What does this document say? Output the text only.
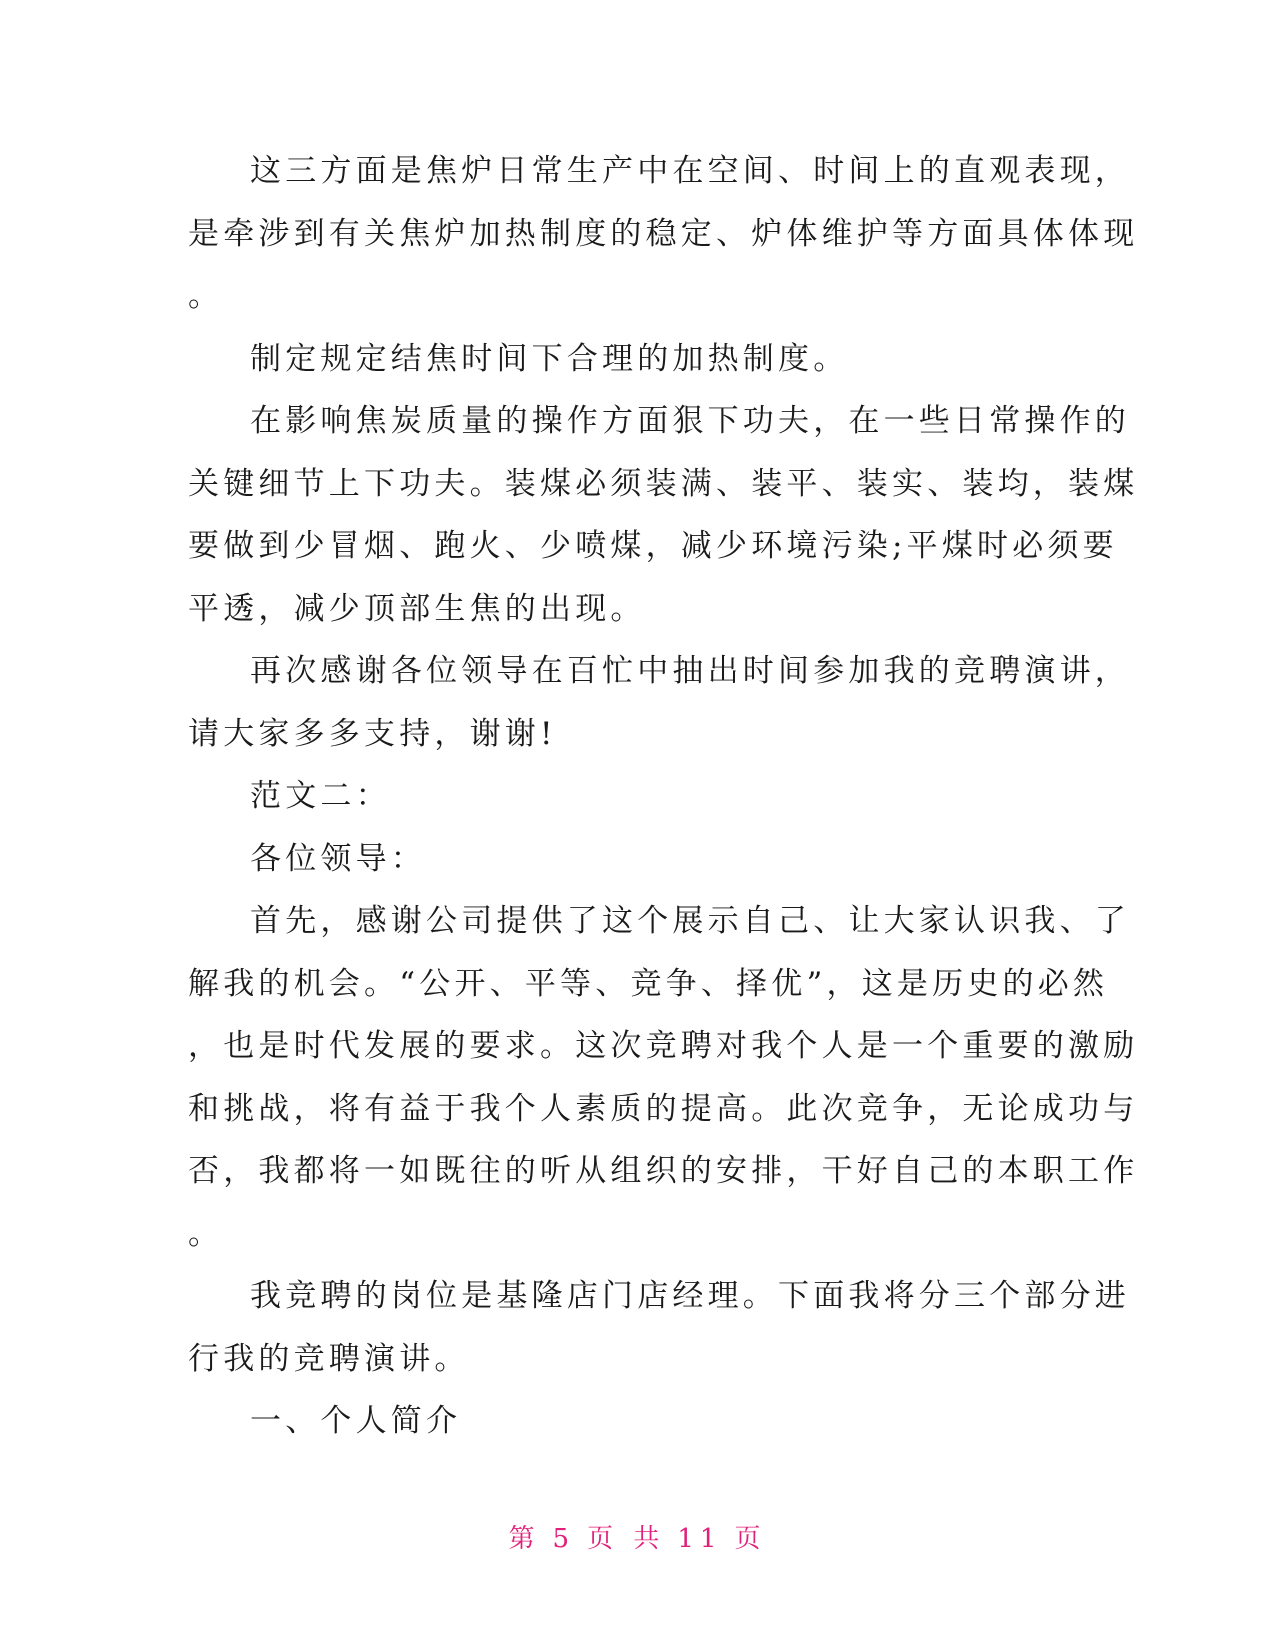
这三方面是焦炉日常生产中在空间、时间上的直观表现，
是牵涉到有关焦炉加热制度的稳定、炉体维护等方面具体体现
。

制定规定结焦时间下合理的加热制度。

在影响焦炭质量的操作方面狠下功夫，在一些日常操作的
关键细节上下功夫。装煤必须装满、装平、装实、装均，装煤
要做到少冒烟、跑火、少喷煤，减少环境污染;平煤时必须要
平透，减少顶部生焦的出现。

再次感谢各位领导在百忙中抽出时间参加我的竞聘演讲，
请大家多多支持，谢谢!

范文二：

各位领导：

首先，感谢公司提供了这个展示自己、让大家认识我、了
解我的机会。“公开、平等、竞争、择优”，这是历史的必然
，也是时代发展的要求。这次竞聘对我个人是一个重要的激励
和挑战，将有益于我个人素质的提高。此次竞争，无论成功与
否，我都将一如既往的听从组织的安排，干好自己的本职工作
。

我竞聘的岗位是基隆店门店经理。下面我将分三个部分进
行我的竞聘演讲。

一、个人简介

第 5 页 共 11 页
